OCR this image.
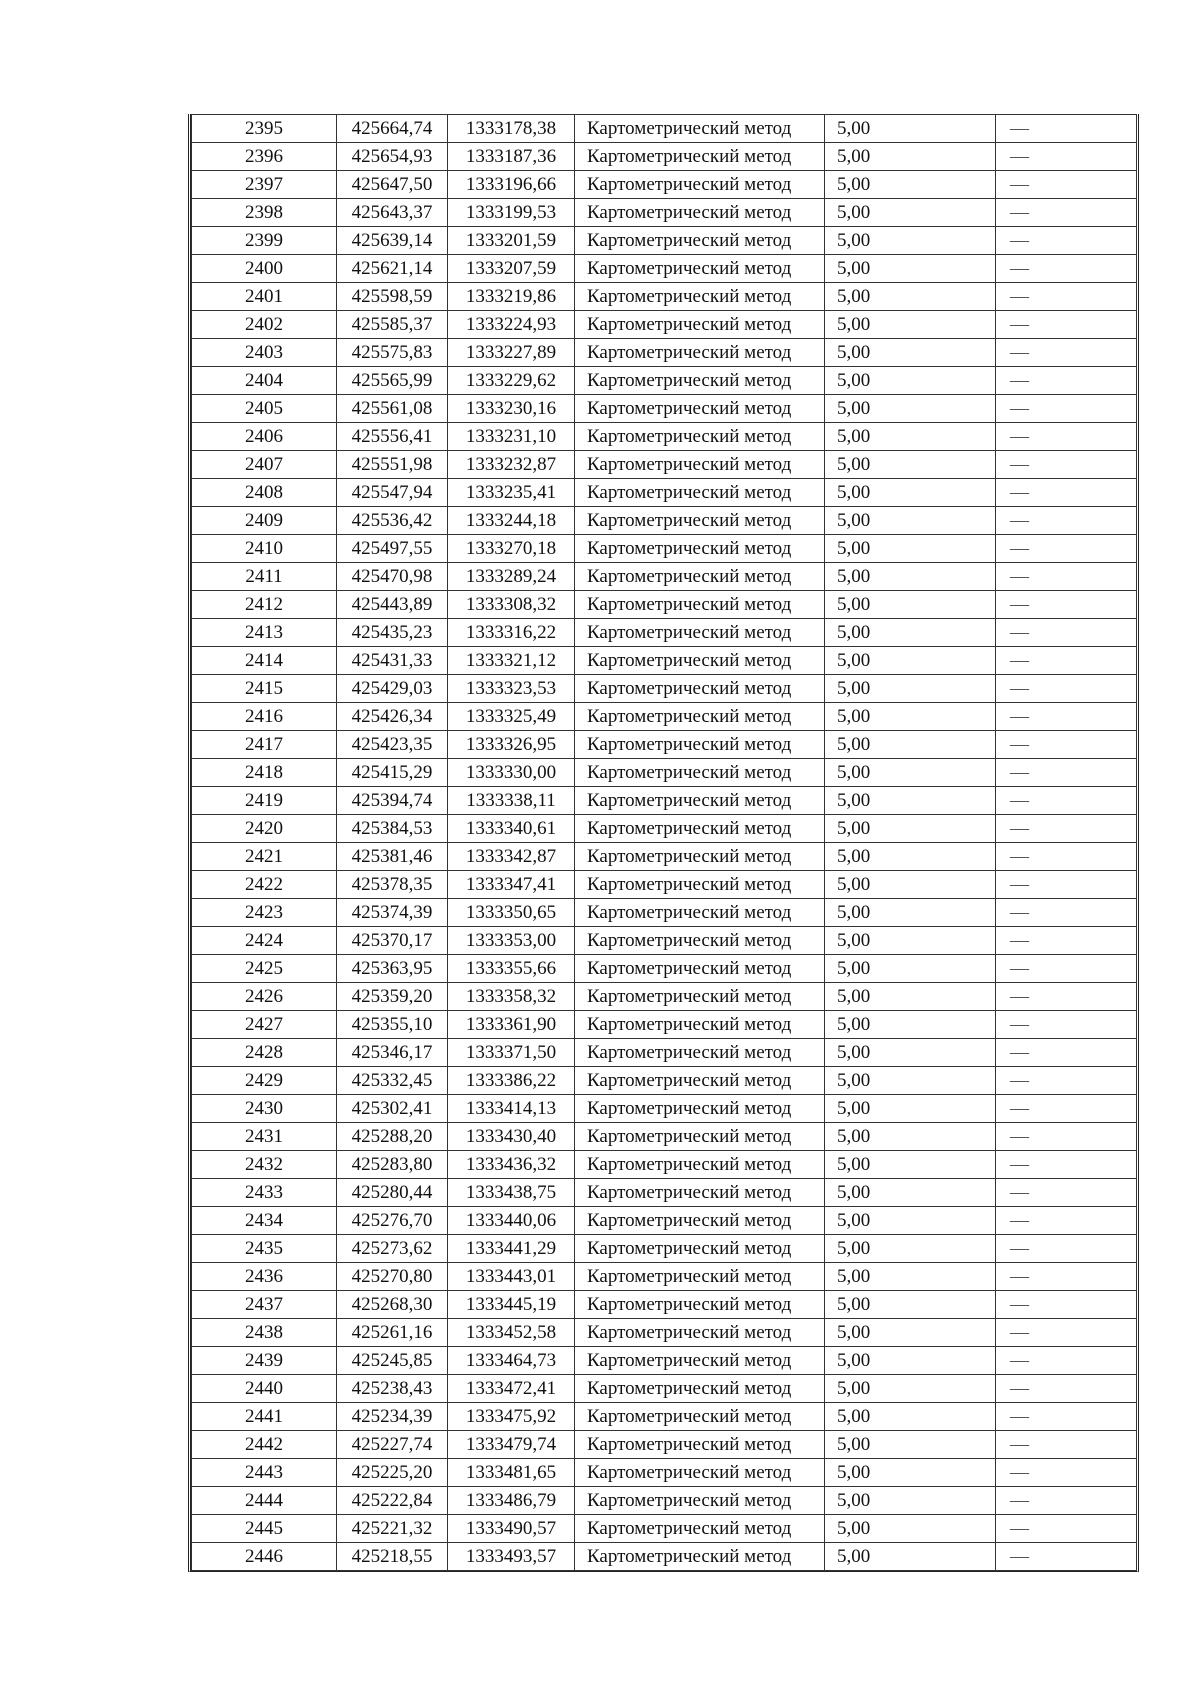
2395	425664,74	1333178,38	Картометрический метод	5,00	—
2396	425654,93	1333187,36	Картометрический метод	5,00	—
2397	425647,50	1333196,66	Картометрический метод	5,00	—
2398	425643,37	1333199,53	Картометрический метод	5,00	—
2399	425639,14	1333201,59	Картометрический метод	5,00	—
2400	425621,14	1333207,59	Картометрический метод	5,00	—
2401	425598,59	1333219,86	Картометрический метод	5,00	—
2402	425585,37	1333224,93	Картометрический метод	5,00	—
2403	425575,83	1333227,89	Картометрический метод	5,00	—
2404	425565,99	1333229,62	Картометрический метод	5,00	—
2405	425561,08	1333230,16	Картометрический метод	5,00	—
2406	425556,41	1333231,10	Картометрический метод	5,00	—
2407	425551,98	1333232,87	Картометрический метод	5,00	—
2408	425547,94	1333235,41	Картометрический метод	5,00	—
2409	425536,42	1333244,18	Картометрический метод	5,00	—
2410	425497,55	1333270,18	Картометрический метод	5,00	—
2411	425470,98	1333289,24	Картометрический метод	5,00	—
2412	425443,89	1333308,32	Картометрический метод	5,00	—
2413	425435,23	1333316,22	Картометрический метод	5,00	—
2414	425431,33	1333321,12	Картометрический метод	5,00	—
2415	425429,03	1333323,53	Картометрический метод	5,00	—
2416	425426,34	1333325,49	Картометрический метод	5,00	—
2417	425423,35	1333326,95	Картометрический метод	5,00	—
2418	425415,29	1333330,00	Картометрический метод	5,00	—
2419	425394,74	1333338,11	Картометрический метод	5,00	—
2420	425384,53	1333340,61	Картометрический метод	5,00	—
2421	425381,46	1333342,87	Картометрический метод	5,00	—
2422	425378,35	1333347,41	Картометрический метод	5,00	—
2423	425374,39	1333350,65	Картометрический метод	5,00	—
2424	425370,17	1333353,00	Картометрический метод	5,00	—
2425	425363,95	1333355,66	Картометрический метод	5,00	—
2426	425359,20	1333358,32	Картометрический метод	5,00	—
2427	425355,10	1333361,90	Картометрический метод	5,00	—
2428	425346,17	1333371,50	Картометрический метод	5,00	—
2429	425332,45	1333386,22	Картометрический метод	5,00	—
2430	425302,41	1333414,13	Картометрический метод	5,00	—
2431	425288,20	1333430,40	Картометрический метод	5,00	—
2432	425283,80	1333436,32	Картометрический метод	5,00	—
2433	425280,44	1333438,75	Картометрический метод	5,00	—
2434	425276,70	1333440,06	Картометрический метод	5,00	—
2435	425273,62	1333441,29	Картометрический метод	5,00	—
2436	425270,80	1333443,01	Картометрический метод	5,00	—
2437	425268,30	1333445,19	Картометрический метод	5,00	—
2438	425261,16	1333452,58	Картометрический метод	5,00	—
2439	425245,85	1333464,73	Картометрический метод	5,00	—
2440	425238,43	1333472,41	Картометрический метод	5,00	—
2441	425234,39	1333475,92	Картометрический метод	5,00	—
2442	425227,74	1333479,74	Картометрический метод	5,00	—
2443	425225,20	1333481,65	Картометрический метод	5,00	—
2444	425222,84	1333486,79	Картометрический метод	5,00	—
2445	425221,32	1333490,57	Картометрический метод	5,00	—
2446	425218,55	1333493,57	Картометрический метод	5,00	—
